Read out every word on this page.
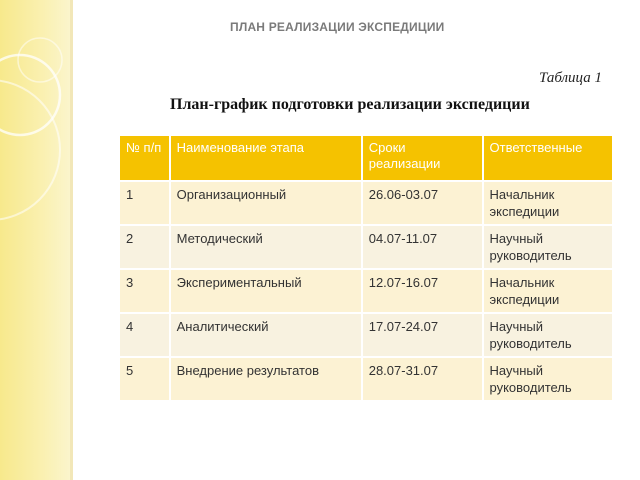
ПЛАН РЕАЛИЗАЦИИ ЭКСПЕДИЦИИ
Таблица 1
План-график подготовки реализации экспедиции
№ п/п	Наименование этапа	Сроки реализации	Ответственные
1	Организационный	26.06-03.07	Начальник экспедиции
2	Методический	04.07-11.07	Научный руководитель
3	Экспериментальный	12.07-16.07	Начальник экспедиции
4	Аналитический	17.07-24.07	Научный руководитель
5	Внедрение результатов	28.07-31.07	Научный руководитель
